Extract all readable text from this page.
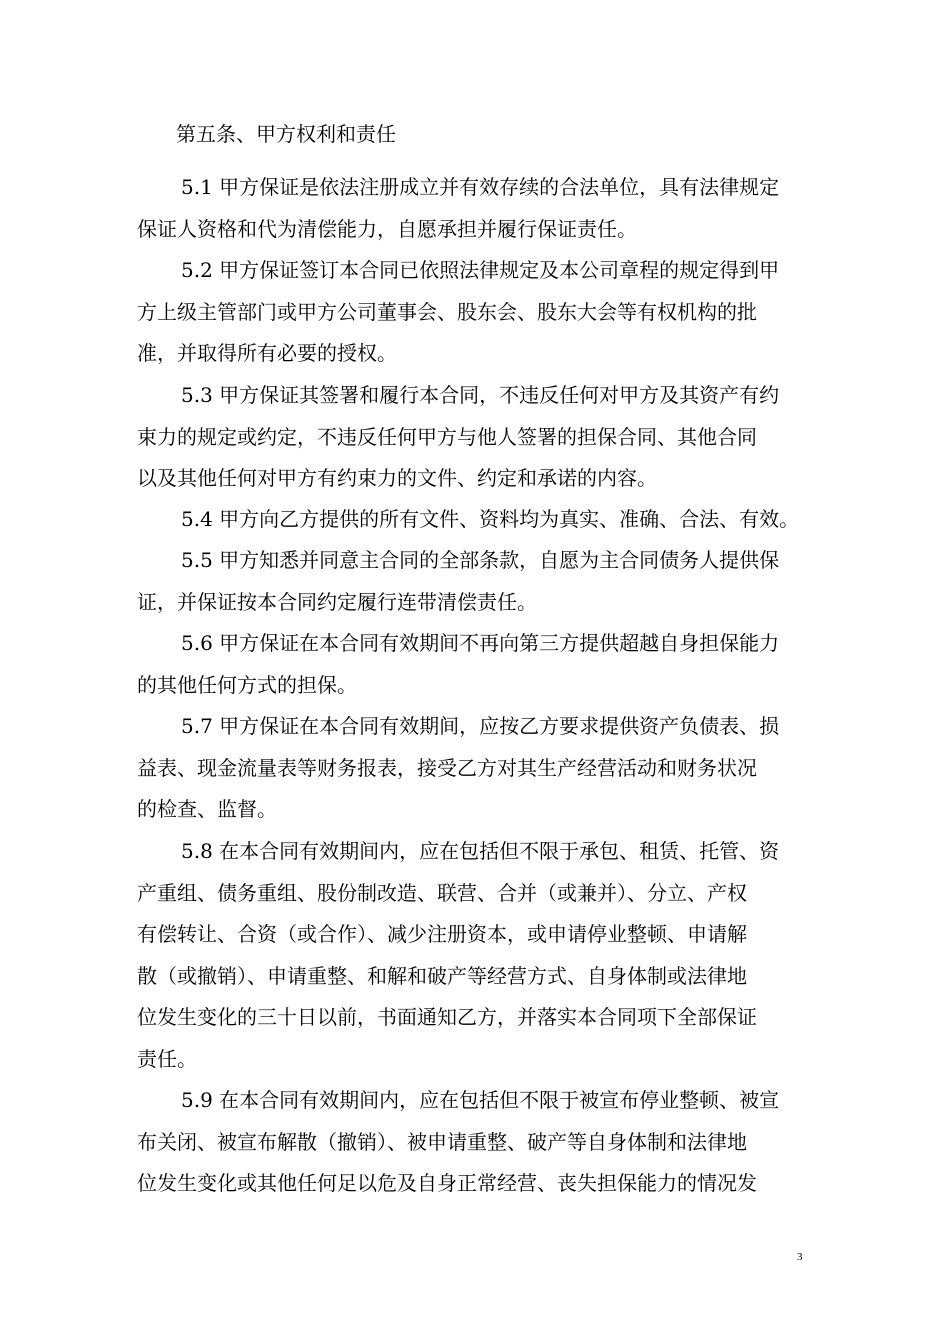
第五条、甲方权利和责任
5.1 甲方保证是依法注册成立并有效存续的合法单位，具有法律规定
保证人资格和代为清偿能力，自愿承担并履行保证责任。
5.2 甲方保证签订本合同已依照法律规定及本公司章程的规定得到甲
方上级主管部门或甲方公司董事会、股东会、股东大会等有权机构的批
准，并取得所有必要的授权。
5.3 甲方保证其签署和履行本合同，不违反任何对甲方及其资产有约
束力的规定或约定，不违反任何甲方与他人签署的担保合同、其他合同
以及其他任何对甲方有约束力的文件、约定和承诺的内容。
5.4 甲方向乙方提供的所有文件、资料均为真实、准确、合法、有效。
5.5 甲方知悉并同意主合同的全部条款，自愿为主合同债务人提供保
证，并保证按本合同约定履行连带清偿责任。
5.6 甲方保证在本合同有效期间不再向第三方提供超越自身担保能力
的其他任何方式的担保。
5.7 甲方保证在本合同有效期间，应按乙方要求提供资产负债表、损
益表、现金流量表等财务报表，接受乙方对其生产经营活动和财务状况
的检查、监督。
5.8 在本合同有效期间内，应在包括但不限于承包、租赁、托管、资
产重组、债务重组、股份制改造、联营、合并（或兼并）、分立、产权
有偿转让、合资（或合作）、减少注册资本，或申请停业整顿、申请解
散（或撤销）、申请重整、和解和破产等经营方式、自身体制或法律地
位发生变化的三十日以前，书面通知乙方，并落实本合同项下全部保证
责任。
5.9 在本合同有效期间内，应在包括但不限于被宣布停业整顿、被宣
布关闭、被宣布解散（撤销）、被申请重整、破产等自身体制和法律地
位发生变化或其他任何足以危及自身正常经营、丧失担保能力的情况发
3
